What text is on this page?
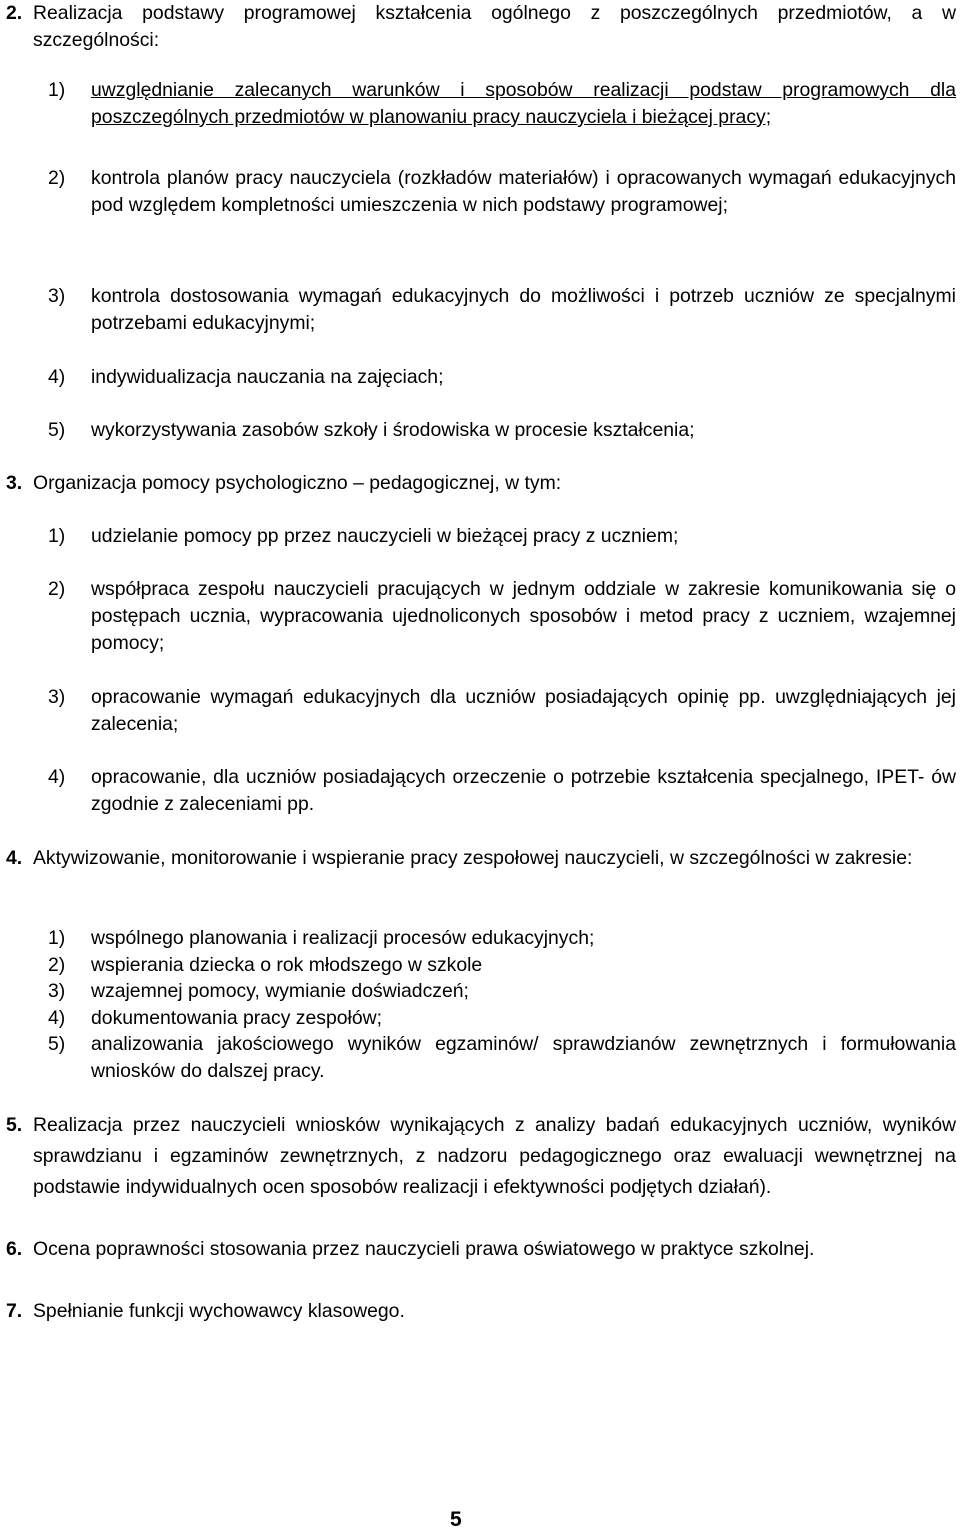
2. Realizacja podstawy programowej kształcenia ogólnego z poszczególnych przedmiotów, a w szczególności:
1) uwzględnianie zalecanych warunków i sposobów realizacji podstaw programowych dla poszczególnych przedmiotów w planowaniu pracy nauczyciela i bieżącej pracy;
2) kontrola planów pracy nauczyciela (rozkładów materiałów) i opracowanych wymagań edukacyjnych pod względem kompletności umieszczenia w nich podstawy programowej;
3) kontrola dostosowania wymagań edukacyjnych do możliwości i potrzeb uczniów ze specjalnymi potrzebami edukacyjnymi;
4) indywidualizacja nauczania na zajęciach;
5) wykorzystywania zasobów szkoły i środowiska w procesie kształcenia;
3. Organizacja pomocy psychologiczno – pedagogicznej, w tym:
1) udzielanie pomocy pp przez nauczycieli w bieżącej pracy z uczniem;
2) współpraca zespołu nauczycieli pracujących w jednym oddziale w zakresie komunikowania się o postępach ucznia, wypracowania ujednoliconych sposobów i metod pracy z uczniem, wzajemnej pomocy;
3) opracowanie wymagań edukacyjnych dla uczniów posiadających opinię pp. uwzględniających jej zalecenia;
4) opracowanie, dla uczniów posiadających orzeczenie o potrzebie kształcenia specjalnego, IPET- ów zgodnie z zaleceniami pp.
4. Aktywizowanie, monitorowanie i wspieranie pracy zespołowej nauczycieli, w szczególności w zakresie:
1) wspólnego planowania i realizacji procesów edukacyjnych;
2) wspierania dziecka o rok młodszego w szkole
3) wzajemnej pomocy, wymianie doświadczeń;
4) dokumentowania pracy zespołów;
5) analizowania jakościowego wyników egzaminów/ sprawdzianów zewnętrznych i formułowania wniosków do dalszej pracy.
5. Realizacja przez nauczycieli wniosków wynikających z analizy badań edukacyjnych uczniów, wyników sprawdzianu i egzaminów zewnętrznych, z nadzoru pedagogicznego oraz ewaluacji wewnętrznej na podstawie indywidualnych ocen sposobów realizacji i efektywności podjętych działań).
6. Ocena poprawności stosowania przez nauczycieli prawa oświatowego w praktyce szkolnej.
7. Spełnianie funkcji wychowawcy klasowego.
5
